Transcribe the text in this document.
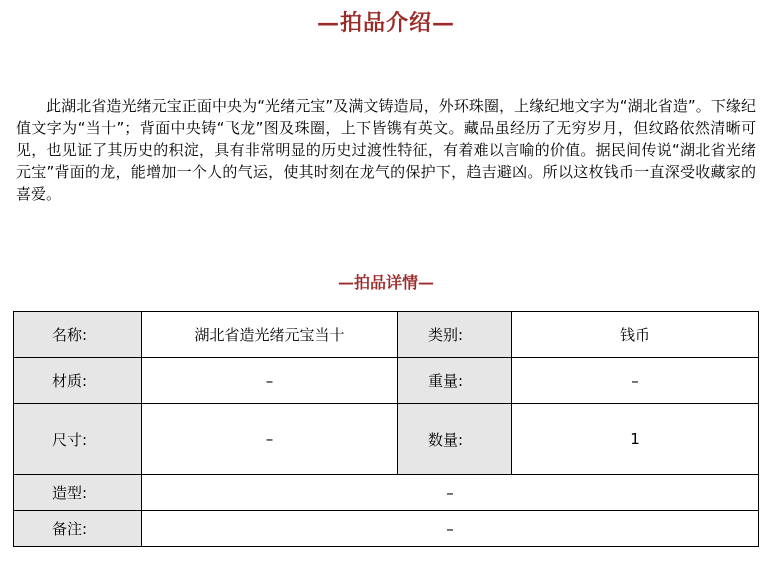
—拍品介绍—

此湖北省造光绪元宝正面中央为“光绪元宝”及满文铸造局，外环珠圈，上缘纪地文字为“湖北省造”。下缘纪值文字为“当十”；背面中央铸“飞龙”图及珠圈，上下皆镌有英文。藏品虽经历了无穷岁月，但纹路依然清晰可见，也见证了其历史的积淀，具有非常明显的历史过渡性特征，有着难以言喻的价值。据民间传说“湖北省光绪元宝”背面的龙，能增加一个人的气运，使其时刻在龙气的保护下，趋吉避凶。所以这枚钱币一直深受收藏家的喜爱。

—拍品详情—
名称:	湖北省造光绪元宝当十	类别:	钱币
材质:	–	重量:	–
尺寸:	–	数量:	1
造型:	–		
备注:	–		
